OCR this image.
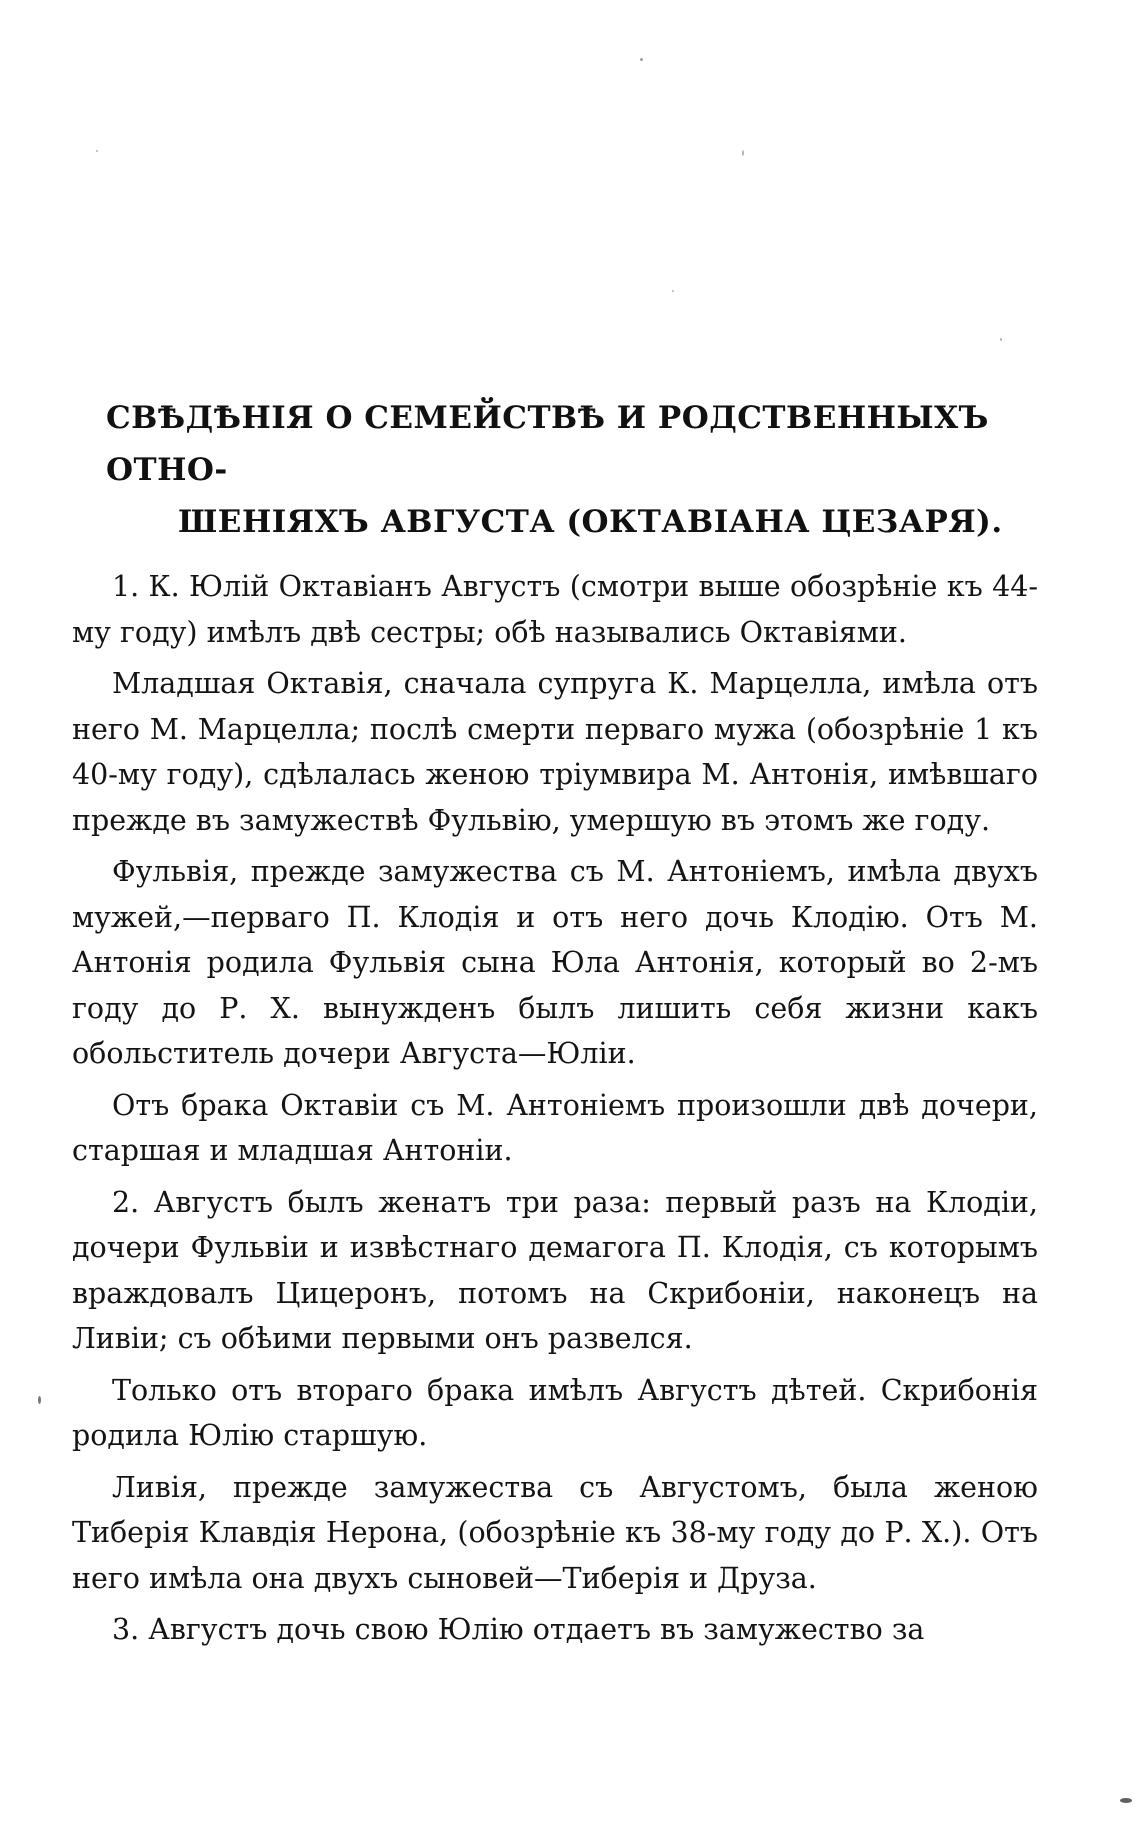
СВѢДѢНІЯ О СЕМЕЙСТВѢ И РОДСТВЕННЫХЪ ОТНО-
ШЕНІЯХЪ АВГУСТА (ОКТАВІАНА ЦЕЗАРЯ).

1. К. Юлій Октавіанъ Августъ (смотри выше обозрѣніе къ 44-му году) имѣлъ двѣ сестры; обѣ назывались Октавіями.

Младшая Октавія, сначала супруга К. Марцелла, имѣла отъ него М. Марцелла; послѣ смерти перваго мужа (обозрѣніе 1 къ 40-му году), сдѣлалась женою тріумвира М. Антонія, имѣвшаго прежде въ замужествѣ Фульвію, умершую въ этомъ же году.

Фульвія, прежде замужества съ М. Антоніемъ, имѣла двухъ мужей,—перваго П. Клодія и отъ него дочь Клодію. Отъ М. Антонія родила Фульвія сына Юла Антонія, который во 2-мъ году до Р. Х. вынужденъ былъ лишить себя жизни какъ обольститель дочери Августа—Юліи.

Отъ брака Октавіи съ М. Антоніемъ произошли двѣ дочери, старшая и младшая Антоніи.

2. Августъ былъ женатъ три раза: первый разъ на Клодіи, дочери Фульвіи и извѣстнаго демагога П. Клодія, съ которымъ враждовалъ Цицеронъ, потомъ на Скрибоніи, наконецъ на Ливіи; съ обѣими первыми онъ развелся.

Только отъ втораго брака имѣлъ Августъ дѣтей. Скрибонія родила Юлію старшую.

Ливія, прежде замужества съ Августомъ, была женою Тиберія Клавдія Нерона, (обозрѣніе къ 38-му году до Р. Х.). Отъ него имѣла она двухъ сыновей—Тиберія и Друза.

3. Августъ дочь свою Юлію отдаетъ въ замужество за
